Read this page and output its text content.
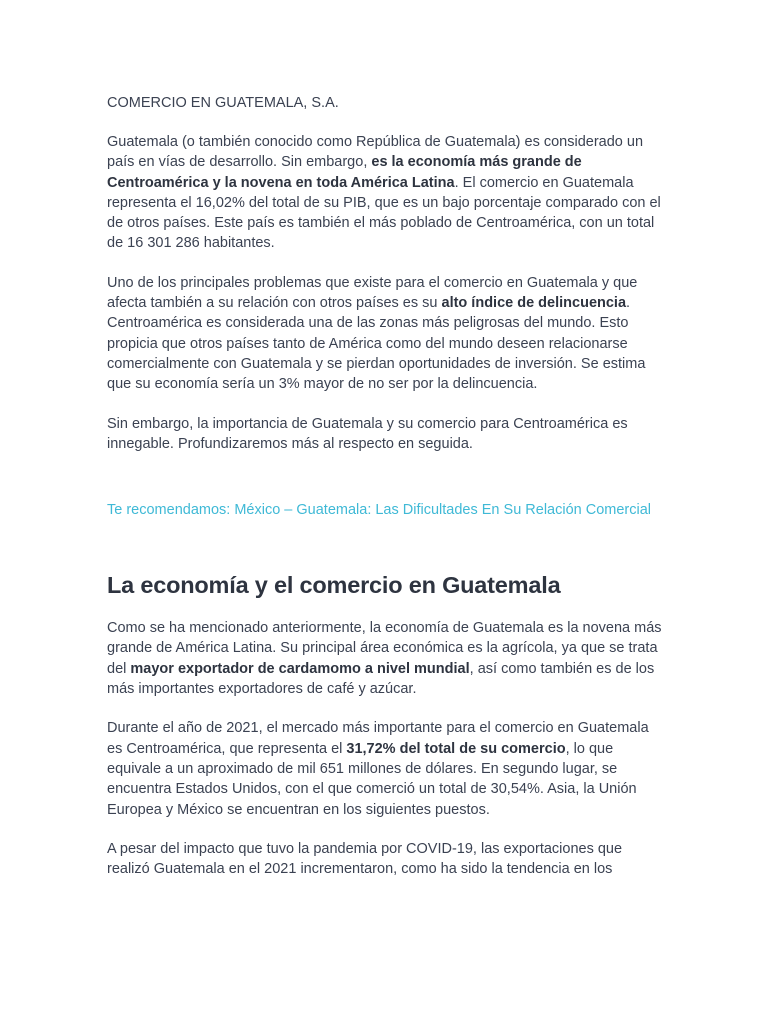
COMERCIO EN GUATEMALA, S.A.

Guatemala (o también conocido como República de Guatemala) es considerado un país en vías de desarrollo. Sin embargo, es la economía más grande de Centroamérica y la novena en toda América Latina. El comercio en Guatemala representa el 16,02% del total de su PIB, que es un bajo porcentaje comparado con el de otros países. Este país es también el más poblado de Centroamérica, con un total de 16 301 286 habitantes.

Uno de los principales problemas que existe para el comercio en Guatemala y que afecta también a su relación con otros países es su alto índice de delincuencia. Centroamérica es considerada una de las zonas más peligrosas del mundo. Esto propicia que otros países tanto de América como del mundo deseen relacionarse comercialmente con Guatemala y se pierdan oportunidades de inversión. Se estima que su economía sería un 3% mayor de no ser por la delincuencia.

Sin embargo, la importancia de Guatemala y su comercio para Centroamérica es innegable. Profundizaremos más al respecto en seguida.

Te recomendamos: México – Guatemala: Las Dificultades En Su Relación Comercial
La economía y el comercio en Guatemala

Como se ha mencionado anteriormente, la economía de Guatemala es la novena más grande de América Latina. Su principal área económica es la agrícola, ya que se trata del mayor exportador de cardamomo a nivel mundial, así como también es de los más importantes exportadores de café y azúcar.

Durante el año de 2021, el mercado más importante para el comercio en Guatemala es Centroamérica, que representa el 31,72% del total de su comercio, lo que equivale a un aproximado de mil 651 millones de dólares. En segundo lugar, se encuentra Estados Unidos, con el que comerció un total de 30,54%. Asia, la Unión Europea y México se encuentran en los siguientes puestos.

A pesar del impacto que tuvo la pandemia por COVID-19, las exportaciones que realizó Guatemala en el 2021 incrementaron, como ha sido la tendencia en los
